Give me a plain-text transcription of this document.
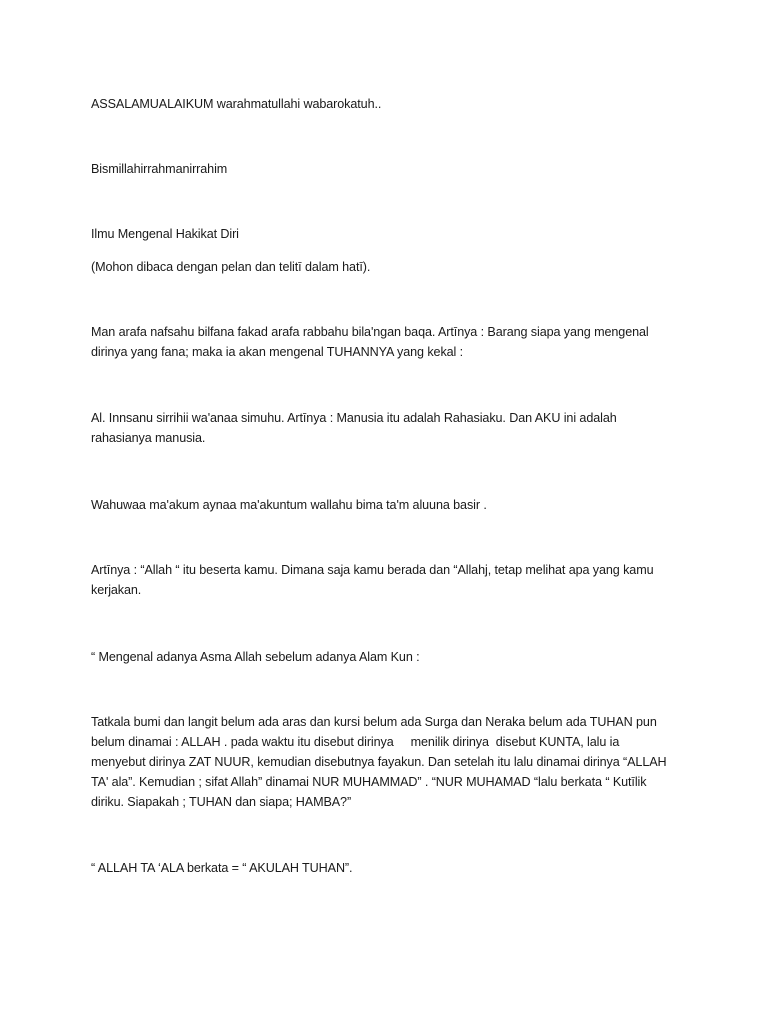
ASSALAMUALAIKUM warahmatullahi wabarokatuh..

Bismillahirrahmanirrahim

Ilmu Mengenal Hakikat Diri

(Mohon dibaca dengan pelan dan telitī dalam hatī).

Man arafa nafsahu bilfana fakad arafa rabbahu bila'ngan baqa. Artīnya : Barang siapa yang mengenal
dirinya yang fana; maka ia akan mengenal TUHANNYA yang kekal :

Al. Innsanu sirrihii wa'anaa simuhu. Artīnya : Manusia itu adalah Rahasiaku. Dan AKU ini adalah
rahasianya manusia.

Wahuwaa ma'akum aynaa ma'akuntum wallahu bima ta'm aluuna basir .

Artīnya : “Allah “ itu beserta kamu. Dimana saja kamu berada dan “Allahj, tetap melihat apa yang kamu
kerjakan.

“ Mengenal adanya Asma Allah sebelum adanya Alam Kun :

Tatkala bumi dan langit belum ada aras dan kursi belum ada Surga dan Neraka belum ada TUHAN pun
belum dinamai : ALLAH . pada waktu itu disebut dirinya     menilik dirinya  disebut KUNTA, lalu ia
menyebut dirinya ZAT NUUR, kemudian disebutnya fayakun. Dan setelah itu lalu dinamai dirinya “ALLAH
TA' ala”. Kemudian ; sifat Allah” dinamai NUR MUHAMMAD” . “NUR MUHAMAD “lalu berkata “ Kutīlik
diriku. Siapakah ; TUHAN dan siapa; HAMBA?”

“ ALLAH TA ‘ALA berkata = “ AKULAH TUHAN”.
